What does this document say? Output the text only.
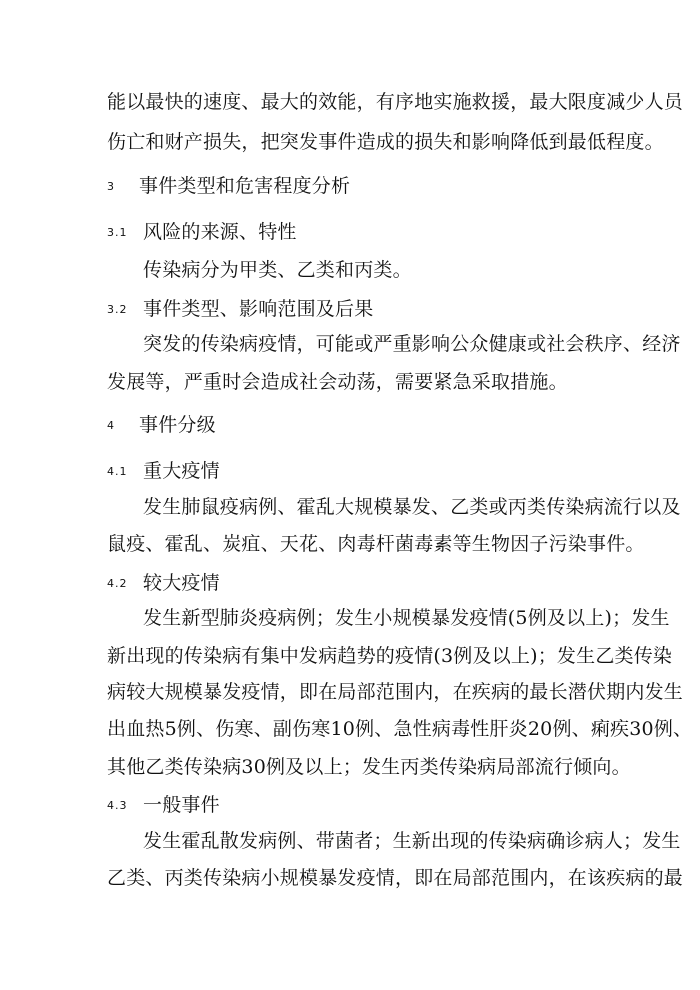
能以最快的速度、最大的效能，有序地实施救援，最大限度减少人员
伤亡和财产损失，把突发事件造成的损失和影响降低到最低程度。
3 事件类型和危害程度分析
3.1 风险的来源、特性
传染病分为甲类、乙类和丙类。
3.2 事件类型、影响范围及后果
突发的传染病疫情，可能或严重影响公众健康或社会秩序、经济
发展等，严重时会造成社会动荡，需要紧急采取措施。
4 事件分级
4.1 重大疫情
发生肺鼠疫病例、霍乱大规模暴发、乙类或丙类传染病流行以及
鼠疫、霍乱、炭疽、天花、肉毒杆菌毒素等生物因子污染事件。
4.2 较大疫情
发生新型肺炎疫病例；发生小规模暴发疫情(5例及以上)；发生
新出现的传染病有集中发病趋势的疫情(3例及以上)；发生乙类传染
病较大规模暴发疫情，即在局部范围内，在疾病的最长潜伏期内发生
出血热5例、伤寒、副伤寒10例、急性病毒性肝炎20例、痢疾30例、
其他乙类传染病30例及以上；发生丙类传染病局部流行倾向。
4.3 一般事件
发生霍乱散发病例、带菌者；生新出现的传染病确诊病人；发生
乙类、丙类传染病小规模暴发疫情，即在局部范围内，在该疾病的最
